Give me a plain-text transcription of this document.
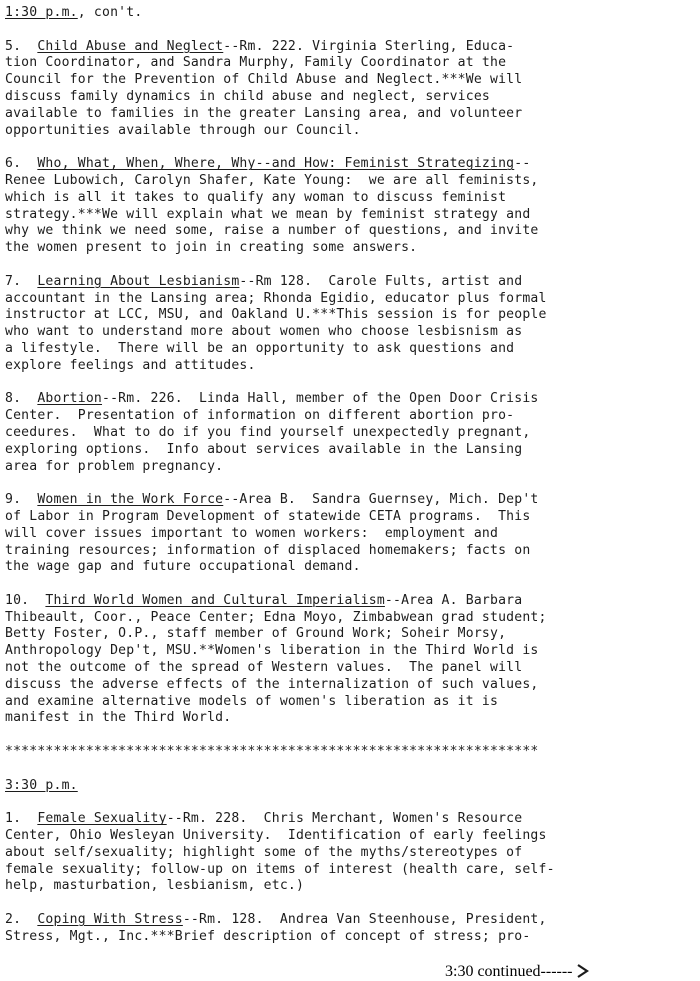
1:30 p.m., con't.
5.  Child Abuse and Neglect--Rm. 222. Virginia Sterling, Educa-
tion Coordinator, and Sandra Murphy, Family Coordinator at the
Council for the Prevention of Child Abuse and Neglect.***We will
discuss family dynamics in child abuse and neglect, services
available to families in the greater Lansing area, and volunteer
opportunities available through our Council.
6.  Who, What, When, Where, Why--and How: Feminist Strategizing--
Renee Lubowich, Carolyn Shafer, Kate Young:  we are all feminists,
which is all it takes to qualify any woman to discuss feminist
strategy.***We will explain what we mean by feminist strategy and
why we think we need some, raise a number of questions, and invite
the women present to join in creating some answers.
7.  Learning About Lesbianism--Rm 128.  Carole Fults, artist and
accountant in the Lansing area; Rhonda Egidio, educator plus formal
instructor at LCC, MSU, and Oakland U.***This session is for people
who want to understand more about women who choose lesbisnism as
a lifestyle.  There will be an opportunity to ask questions and
explore feelings and attitudes.
8.  Abortion--Rm. 226.  Linda Hall, member of the Open Door Crisis
Center.  Presentation of information on different abortion pro-
ceedures.  What to do if you find yourself unexpectedly pregnant,
exploring options.  Info about services available in the Lansing
area for problem pregnancy.
9.  Women in the Work Force--Area B.  Sandra Guernsey, Mich. Dep't
of Labor in Program Development of statewide CETA programs.  This
will cover issues important to women workers:  employment and
training resources; information of displaced homemakers; facts on
the wage gap and future occupational demand.
10.  Third World Women and Cultural Imperialism--Area A. Barbara
Thibeault, Coor., Peace Center; Edna Moyo, Zimbabwean grad student;
Betty Foster, O.P., staff member of Ground Work; Soheir Morsy,
Anthropology Dep't, MSU.**Women's liberation in the Third World is
not the outcome of the spread of Western values.  The panel will
discuss the adverse effects of the internalization of such values,
and examine alternative models of women's liberation as it is
manifest in the Third World.
******************************************************************
3:30 p.m.
1.  Female Sexuality--Rm. 228.  Chris Merchant, Women's Resource
Center, Ohio Wesleyan University.  Identification of early feelings
about self/sexuality; highlight some of the myths/stereotypes of
female sexuality; follow-up on items of interest (health care, self-
help, masturbation, lesbianism, etc.)
2.  Coping With Stress--Rm. 128.  Andrea Van Steenhouse, President,
Stress, Mgt., Inc.***Brief description of concept of stress; pro-
3:30 continued------
